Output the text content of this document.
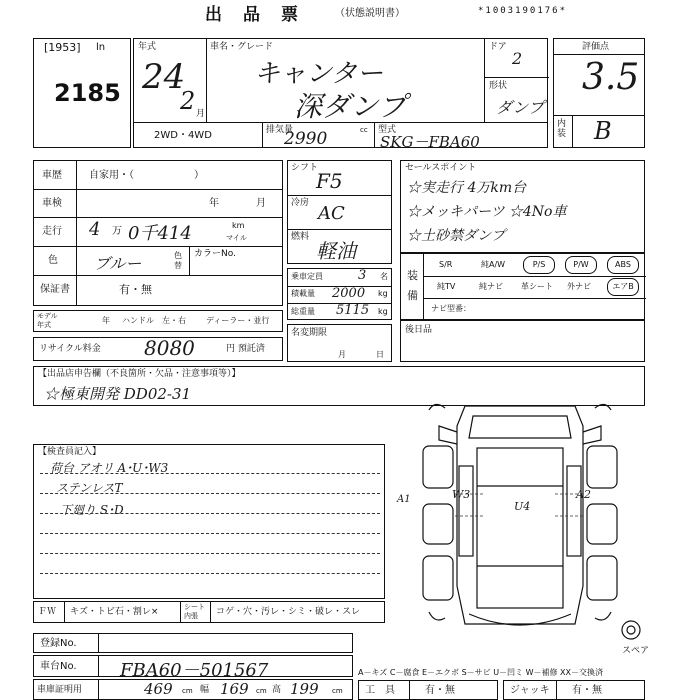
出　品　票	（状態説明書）	*1003190176*
[1953] ln
2185
年式
24
2 月
車名・グレード
キャンター
深ダンプ
ドア
2
形状
ダンプ
2WD・4WD	排気量
2990	cc 型式
SKG－FBA60
評価点
3.5
内装 B
車歴	自家用・（　　　　　　）
車検	年	月
走行 4 万 0千414	km
マイル
色 ブルー	色替
カラーNo.
保証書	有・無
モデル年式	年 ハンドル　左・右	ディーラー・並行
リサイクル料金 8080	円 預託済
シフト
F5
冷房 AC
燃料
軽油
乗車定員	3 名
積載量 2000 kg
総重量 5115 kg
名変期限
月	日
セールスポイント
☆実走行 4万km台
☆メッキパーツ ☆4No車
☆土砂禁ダンプ
装備
S/R	純A/W	P/S	P/W	ABS
純TV	純ナビ 革シート 外ナビ	エアB
ナビ型番：
後日品
【出品店申告欄（不良箇所・欠品・注意事項等）】
☆極東開発 DD02-31
【検査員記入】
荷台 アオリ A･U･W3
ステンレスT
下廻り S･D
A1	W3
U4
A2
スペア
ＦＷ キズ・トビ石・割レ×	シート内張	コゲ・穴・汚レ・シミ・破レ・スレ
登録No.
車台No. FBA60－501567
車庫証明用	469 cm 幅 169 cm 高 199 cm
A－キズ C－腐食 E－エクボ S－サビ U－凹ミ W－補修 XX－交換済
工　具	有・無	ジャッキ 有・無
